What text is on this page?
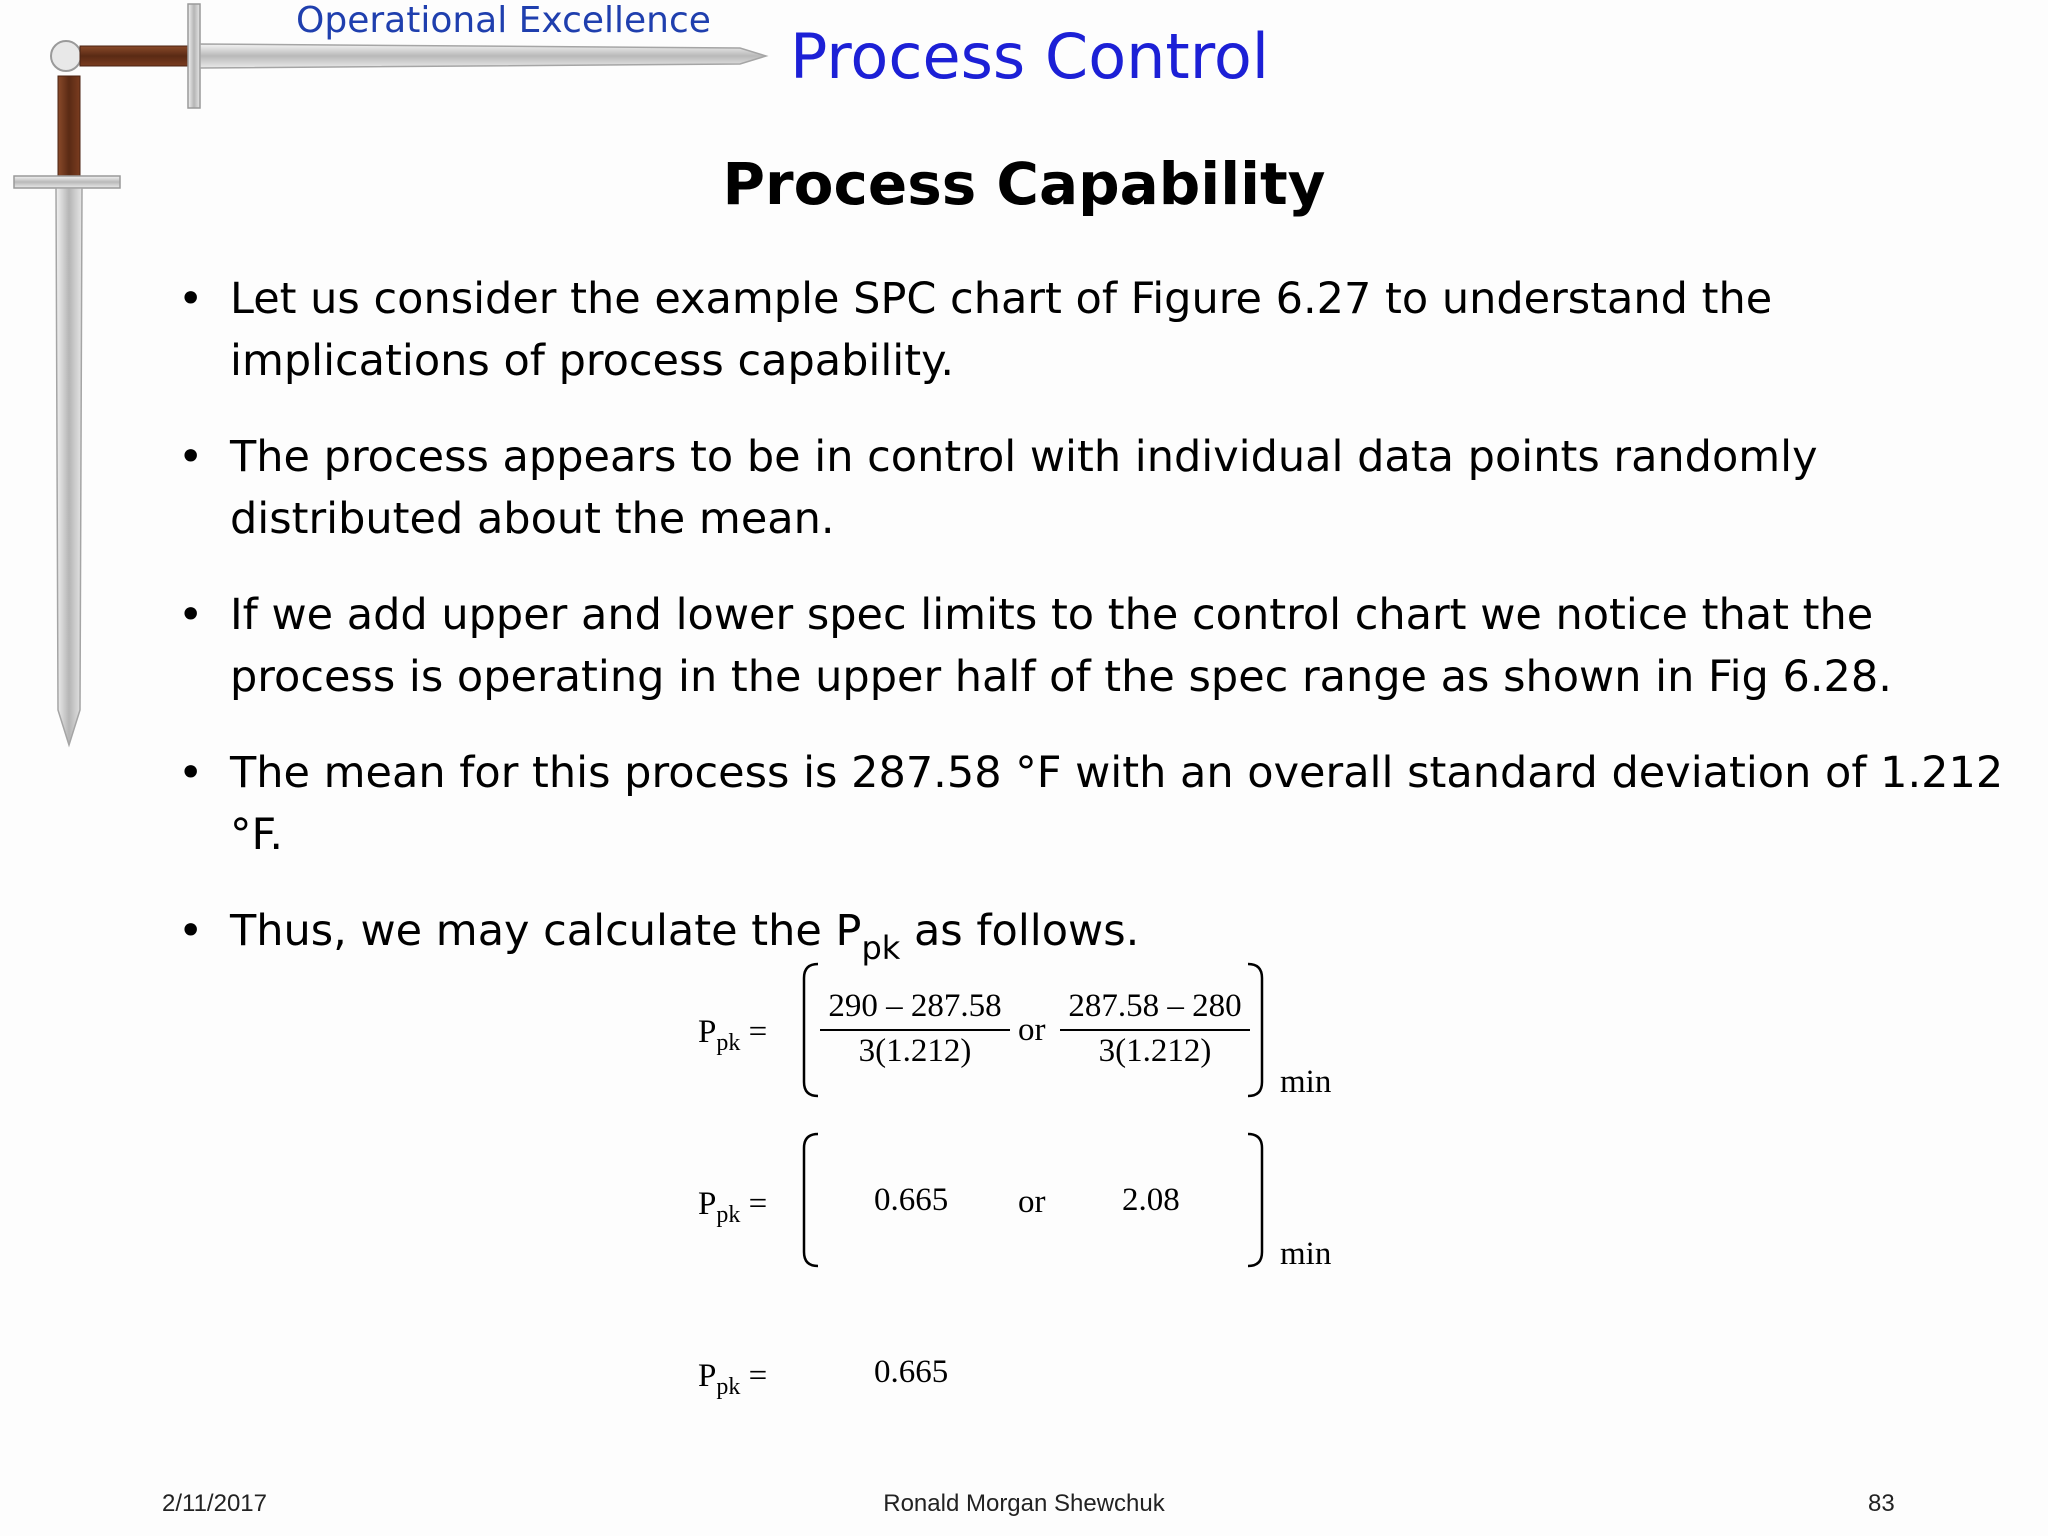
Operational Excellence Process Control
Process Capability
• Let us consider the example SPC chart of Figure 6.27 to understand the implications of process capability.
• The process appears to be in control with individual data points randomly distributed about the mean.
• If we add upper and lower spec limits to the control chart we notice that the process is operating in the upper half of the spec range as shown in Fig 6.28.
• The mean for this process is 287.58 °F with an overall standard deviation of 1.212 °F.
• Thus, we may calculate the $P_{pk}$ as follows.
$P_{pk} = \frac{290 - 287.58}{3(1.212)}$ or $\frac{287.58 - 280}{3(1.212)}$
min
$P_{pk}$ =	0.665 or 2.08
min
$P_{pk}$ =	0.665
2/11/2017	Ronald Morgan Shewchuk	83
